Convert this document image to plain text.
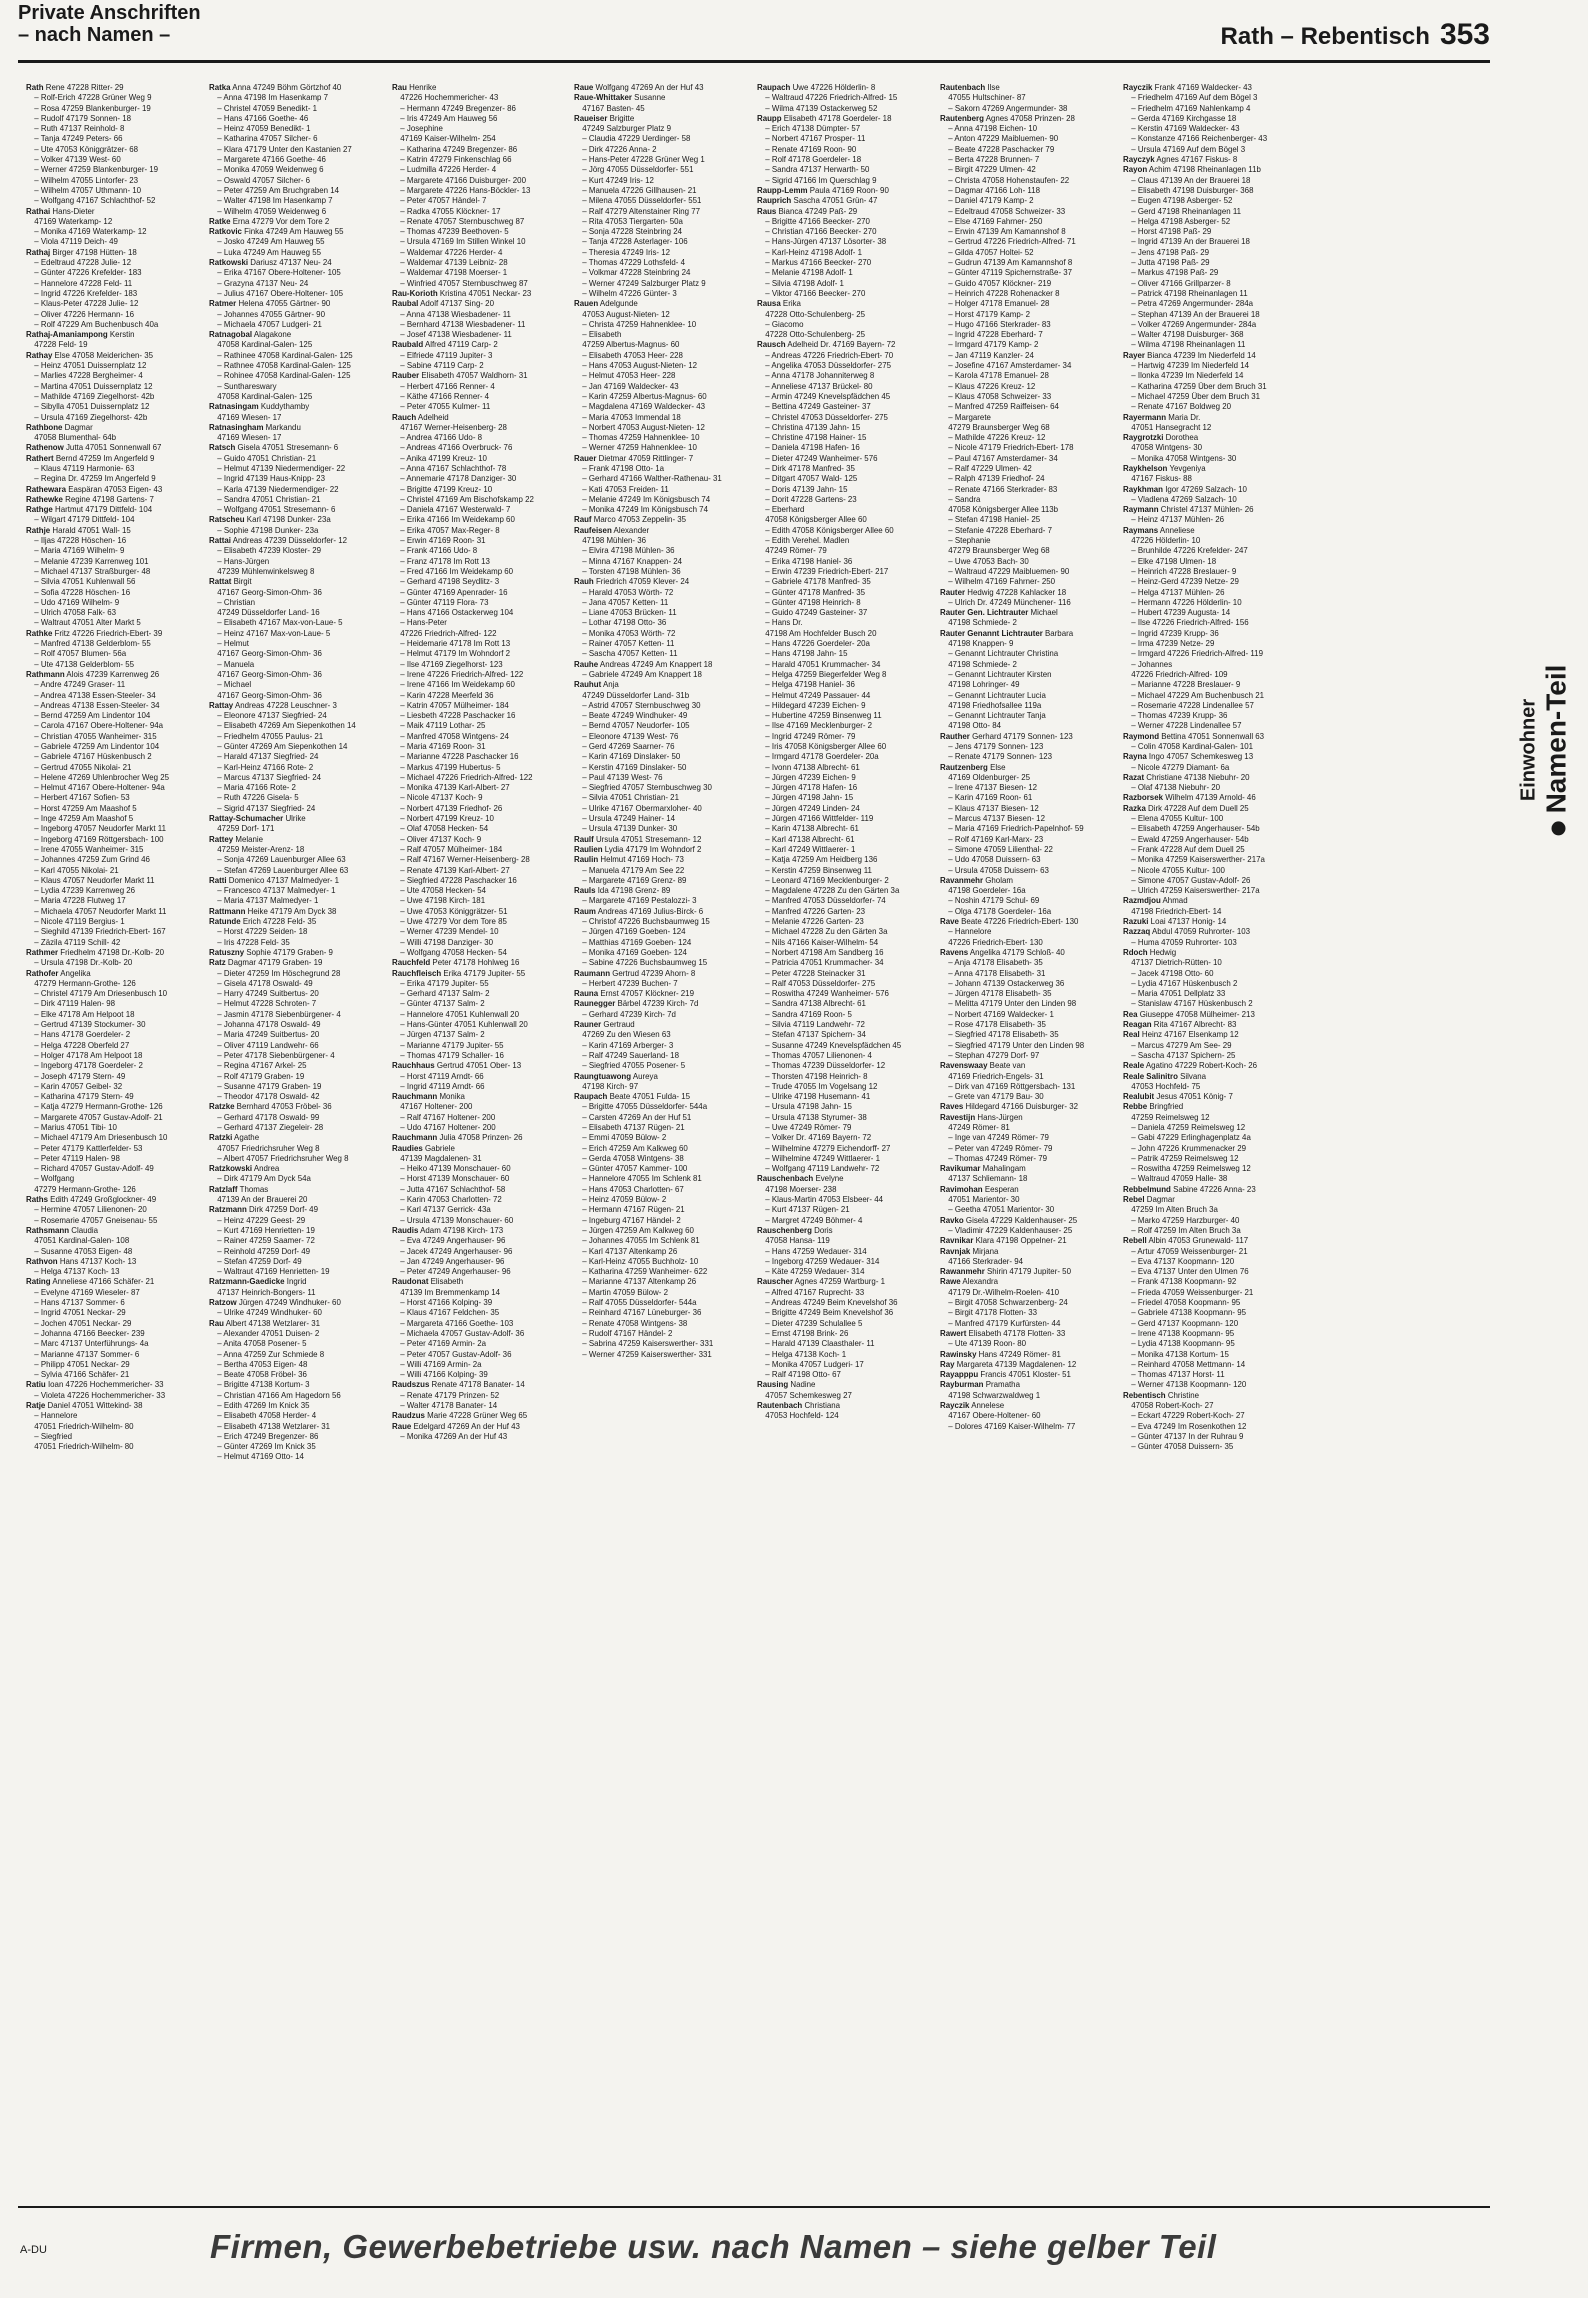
Private Anschriften
– nach Namen –	Rath – Rebentisch 353
Rath Rene 47228 Ritter- 29
– Rolf-Erich 47228 Grüner Weg 9
– Rosa 47259 Blankenburger- 19
– Rudolf 47179 Sonnen- 18
– Ruth 47137 Reinhold- 8
– Tanja 47249 Peters- 66
– Ute 47053 Königgrätzer- 68
– Volker 47139 West- 60
– Werner 47259 Blankenburger- 19
– Wilhelm 47055 Lintorfer- 23
– Wilhelm 47057 Uthmann- 10
– Wolfgang 47167 Schlachthof- 52
Rathai Hans-Dieter
47169 Waterkamp- 12
– Monika 47169 Waterkamp- 12
– Viola 47119 Deich- 49
Rathaj Birger 47198 Hütten- 18
– Edeltraud 47228 Julie- 12
– Günter 47226 Krefelder- 183
– Hannelore 47228 Feld- 11
– Ingrid 47226 Krefelder- 183
– Klaus-Peter 47228 Julie- 12
– Oliver 47226 Hermann- 16
– Rolf 47229 Am Buchenbusch 40a
Rathaj-Amaniampong Kerstin
47228 Feld- 19
Rathay Else 47058 Meiderichen- 35
– Heinz 47051 Duissernplatz 12
– Marlies 47228 Bergheimer- 4
– Martina 47051 Duissernplatz 12
– Mathilde 47169 Ziegelhorst- 42b
– Sibylla 47051 Duissernplatz 12
– Ursula 47169 Ziegelhorst- 42b
Rathbone Dagmar
47058 Blumenthal- 64b
Rathenow Jutta 47051 Sonnenwall 67
Rathert Bernd 47259 Im Angerfeld 9
– Klaus 47119 Harmonie- 63
– Regina Dr. 47259 Im Angerfeld 9
Rathewara Easpäran 47053 Eigen- 43
Rathewke Regine 47198 Gartens- 7
Rathge Hartmut 47179 Dittfeld- 104
– Wilgart 47179 Dittfeld- 104
Rathje Harald 47051 Wall- 15
– Iljas 47228 Höschen- 16
– Maria 47169 Wilhelm- 9
– Melanie 47239 Karrenweg 101
– Michael 47137 Straßburger- 48
– Silvia 47051 Kuhlenwall 56
– Sofia 47228 Höschen- 16
– Udo 47169 Wilhelm- 9
– Ulrich 47058 Falk- 63
– Waltraut 47051 Alter Markt 5
Rathke Fritz 47226 Friedrich-Ebert- 39
– Manfred 47138 Gelderblom- 55
– Rolf 47057 Blumen- 56a
– Ute 47138 Gelderblom- 55
Rathmann Alois 47239 Karrenweg 26
– Andre 47249 Graser- 11
– Andrea 47138 Essen-Steeler- 34
– Andreas 47138 Essen-Steeler- 34
– Bernd 47259 Am Lindentor 104
– Carola 47167 Obere-Holtener- 94a
– Christian 47055 Wanheimer- 315
– Gabriele 47259 Am Lindentor 104
– Gabriele 47167 Hüskenbusch 2
– Gertrud 47055 Nikolai- 21
– Helene 47269 Uhlenbrocher Weg 25
– Helmut 47167 Obere-Holtener- 94a
– Herbert 47167 Sofien- 53
– Horst 47259 Am Maashof 5
– Inge 47259 Am Maashof 5
– Ingeborg 47057 Neudorfer Markt 11
– Ingeborg 47169 Röttgersbach- 100
– Irene 47055 Wanheimer- 315
– Johannes 47259 Zum Grind 46
– Karl 47055 Nikolai- 21
– Klaus 47057 Neudorfer Markt 11
– Lydia 47239 Karrenweg 26
– Maria 47228 Flutweg 17
– Michaela 47057 Neudorfer Markt 11
– Nicole 47119 Bergius- 1
– Sieghild 47139 Friedrich-Ebert- 167
– Zäzila 47119 Schill- 42
Rathmer Friedhelm 47198 Dr.-Kolb- 20
– Ursula 47198 Dr.-Kolb- 20
Rathofer Angelika
47279 Hermann-Grothe- 126
– Christel 47179 Am Driesenbusch 10
– Dirk 47119 Halen- 98
– Elke 47178 Am Helpoot 18
– Gertrud 47139 Stockumer- 30
– Hans 47178 Goerdeler- 2
– Helga 47228 Oberfeld 27
– Holger 47178 Am Helpoot 18
– Ingeborg 47178 Goerdeler- 2
– Joseph 47179 Stern- 49
– Karin 47057 Geibel- 32
– Katharina 47179 Stern- 49
– Katja 47279 Hermann-Grothe- 126
– Margarete 47057 Gustav-Adolf- 21
– Marius 47051 Tibi- 10
– Michael 47179 Am Driesenbusch 10
– Peter 47179 Kattlerfelder- 53
– Peter 47119 Halen- 98
– Richard 47057 Gustav-Adolf- 49
– Wolfgang
47279 Hermann-Grothe- 126
Raths Edith 47249 Großglockner- 49
– Hermine 47057 Lilienonen- 20
– Rosemarie 47057 Gneisenau- 55
Rathsmann Claudia
47051 Kardinal-Galen- 108
– Susanne 47053 Eigen- 48
Rathvon Hans 47137 Koch- 13
– Helga 47137 Koch- 13
Rating Anneliese 47166 Schäfer- 21
– Evelyne 47169 Wieseler- 87
– Hans 47137 Sommer- 6
– Ingrid 47051 Neckar- 29
– Jochen 47051 Neckar- 29
– Johanna 47166 Beecker- 239
– Marc 47137 Unterführungs- 4a
– Marianne 47137 Sommer- 6
– Philipp 47051 Neckar- 29
– Sylvia 47166 Schäfer- 21
Ratiu Ioan 47226 Hochemmericher- 33
– Violeta 47226 Hochemmericher- 33
Ratje Daniel 47051 Wittekind- 38
– Hannelore
47051 Friedrich-Wilhelm- 80
– Siegfried
47051 Friedrich-Wilhelm- 80
Ratka Anna 47249 Böhm Görtzhof 40
– Anna 47198 Im Hasenkamp 7
– Christel 47059 Benedikt- 1
– Hans 47166 Goethe- 46
– Heinz 47059 Benedikt- 1
– Katharina 47057 Silcher- 6
– Klara 47179 Unter den Kastanien 27
– Margarete 47166 Goethe- 46
– Monika 47059 Weidenweg 6
– Oswald 47057 Silcher- 6
– Peter 47259 Am Bruchgraben 14
– Walter 47198 Im Hasenkamp 7
– Wilhelm 47059 Weidenweg 6
Ratke Erna 47279 Vor dem Tore 2
Ratkovic Finka 47249 Am Hauweg 55
– Josko 47249 Am Hauweg 55
– Luka 47249 Am Hauweg 55
Ratkowski Dariusz 47137 Neu- 24
– Erika 47167 Obere-Holtener- 105
– Grazyna 47137 Neu- 24
– Julius 47167 Obere-Holtener- 105
Ratmer Helena 47055 Gärtner- 90
– Johannes 47055 Gärtner- 90
– Michaela 47057 Ludgeri- 21
Ratnagobal Alagakone
47058 Kardinal-Galen- 125
– Rathinee 47058 Kardinal-Galen- 125
– Rathnee 47058 Kardinal-Galen- 125
– Rohinee 47058 Kardinal-Galen- 125
– Sunthareswary
47058 Kardinal-Galen- 125
Ratnasingam Kuddythamby
47169 Wiesen- 17
Ratnasingham Markandu
47169 Wiesen- 17
Ratsch Gisela 47051 Stresemann- 6
– Guido 47051 Christian- 21
– Helmut 47139 Niedermendiger- 22
– Ingrid 47139 Haus-Knipp- 23
– Karla 47139 Niedermendiger- 22
– Sandra 47051 Christian- 21
– Wolfgang 47051 Stresemann- 6
Ratscheu Karl 47198 Dunker- 23a
– Sophie 47198 Dunker- 23a
Rattai Andreas 47239 Düsseldorfer- 12
– Elisabeth 47239 Kloster- 29
– Hans-Jürgen
47239 Mühlenwinkelsweg 8
Rattat Birgit
47167 Georg-Simon-Ohm- 36
– Christian
47249 Düsseldorfer Land- 16
– Elisabeth 47167 Max-von-Laue- 5
– Heinz 47167 Max-von-Laue- 5
– Helmut
47167 Georg-Simon-Ohm- 36
– Manuela
47167 Georg-Simon-Ohm- 36
– Michael
47167 Georg-Simon-Ohm- 36
Rattay Andreas 47228 Leuschner- 3
– Eleonore 47137 Siegfried- 24
– Elisabeth 47269 Am Siepenkothen 14
– Friedhelm 47055 Paulus- 21
– Günter 47269 Am Siepenkothen 14
– Harald 47137 Siegfried- 24
– Karl-Heinz 47166 Rote- 2
– Marcus 47137 Siegfried- 24
– Maria 47166 Rote- 2
– Ruth 47226 Gisela- 5
– Sigrid 47137 Siegfried- 24
Rattay-Schumacher Ulrike
47259 Dorf- 171
Rattey Melanie
47259 Meister-Arenz- 18
– Sonja 47269 Lauenburger Allee 63
– Stefan 47269 Lauenburger Allee 63
Ratti Domenico 47137 Malmedyer- 1
– Francesco 47137 Malmedyer- 1
– Maria 47137 Malmedyer- 1
Rattmann Heike 47179 Am Dyck 38
Ratunde Erich 47228 Feld- 35
– Horst 47229 Seiden- 18
– Iris 47228 Feld- 35
Ratuszny Sophie 47179 Graben- 9
Ratz Dagmar 47179 Graben- 19
– Dieter 47259 Im Höschegrund 28
– Gisela 47178 Oswald- 49
– Harry 47249 Suitbertus- 20
– Helmut 47228 Schroten- 7
– Jasmin 47178 Siebenbürgener- 4
– Johanna 47178 Oswald- 49
– Maria 47249 Suitbertus- 20
– Oliver 47119 Landwehr- 66
– Peter 47178 Siebenbürgener- 4
– Regina 47167 Arkel- 25
– Rolf 47179 Graben- 19
– Susanne 47179 Graben- 19
– Theodor 47178 Oswald- 42
Ratzke Bernhard 47053 Fröbel- 36
– Gerhard 47178 Oswald- 99
– Gerhard 47137 Ziegeleir- 28
Ratzki Agathe
47057 Friedrichsruher Weg 8
– Albert 47057 Friedrichsruher Weg 8
Ratzkowski Andrea
– Dirk 47179 Am Dyck 54a
Ratzlaff Thomas
47139 An der Brauerei 20
Ratzmann Dirk 47259 Dorf- 49
– Heinz 47229 Geest- 29
– Kurt 47169 Henrietten- 19
– Rainer 47259 Saamer- 72
– Reinhold 47259 Dorf- 49
– Stefan 47259 Dorf- 49
– Waltraut 47169 Henrietten- 19
Ratzmann-Gaedicke Ingrid
47137 Heinrich-Bongers- 11
Ratzow Jürgen 47249 Windhuker- 60
– Ulrike 47249 Windhuker- 60
Rau Albert 47138 Wetzlarer- 31
– Alexander 47051 Duisen- 2
– Anita 47058 Posener- 5
– Anna 47259 Zur Schmiede 8
– Bertha 47053 Eigen- 48
– Beate 47058 Fröbel- 36
– Brigitte 47138 Kortum- 3
– Christian 47166 Am Hagedorn 56
– Edith 47269 Im Knick 35
– Elisabeth 47058 Herder- 4
– Elisabeth 47138 Wetzlarer- 31
– Erich 47249 Bregenzer- 86
– Günter 47269 Im Knick 35
– Helmut 47169 Otto- 14
Rau Henrike
47226 Hochemmericher- 43
– Hermann 47249 Bregenzer- 86
– Iris 47249 Am Hauweg 56
– Josephine
47169 Kaiser-Wilhelm- 254
– Katharina 47249 Bregenzer- 86
– Katrin 47279 Finkenschlag 66
– Ludmilla 47226 Herder- 4
– Margarete 47166 Duisburger- 200
– Margarete 47226 Hans-Böckler- 13
– Peter 47057 Händel- 7
– Radka 47055 Klöckner- 17
– Renate 47057 Sternbuschweg 87
– Thomas 47239 Beethoven- 5
– Ursula 47169 Im Stillen Winkel 10
– Waldemar 47226 Herder- 4
– Waldemar 47139 Leibniz- 28
– Waldemar 47198 Moerser- 1
– Winfried 47057 Sternbuschweg 87
Rau-Korioth Kristina 47051 Neckar- 23
Raubal Adolf 47137 Sing- 20
– Anna 47138 Wiesbadener- 11
– Bernhard 47138 Wiesbadener- 11
– Josef 47138 Wiesbadener- 11
Raubald Alfred 47119 Carp- 2
– Elfriede 47119 Jupiter- 3
– Sabine 47119 Carp- 2
Rauber Elisabeth 47057 Waldhorn- 31
– Herbert 47166 Renner- 4
– Käthe 47166 Renner- 4
– Peter 47055 Kulmer- 11
Rauch Adelheid
47167 Werner-Heisenberg- 28
– Andrea 47166 Udo- 8
– Andreas 47166 Overbruck- 76
– Anika 47199 Kreuz- 10
– Anna 47167 Schlachthof- 78
– Annemarie 47178 Danziger- 30
– Brigitte 47199 Kreuz- 10
– Christel 47169 Am Bischofskamp 22
– Daniela 47167 Westerwald- 7
– Erika 47166 Im Weidekamp 60
– Erika 47057 Max-Reger- 8
– Erwin 47169 Roon- 31
– Frank 47166 Udo- 8
– Franz 47178 Im Rott 13
– Fred 47166 Im Weidekamp 60
– Gerhard 47198 Seydlitz- 3
– Günter 47169 Apenrader- 16
– Günter 47119 Flora- 73
– Hans 47166 Ostackerweg 104
– Hans-Peter
47226 Friedrich-Alfred- 122
– Heidemarie 47178 Im Rott 13
– Helmut 47179 Im Wohndorf 2
– Ilse 47169 Ziegelhorst- 123
– Irene 47226 Friedrich-Alfred- 122
– Irene 47166 Im Weidekamp 60
– Karin 47228 Meerfeld 36
– Katrin 47057 Mülheimer- 184
– Liesbeth 47228 Paschacker 16
– Maik 47119 Lothar- 25
– Manfred 47058 Wintgens- 24
– Maria 47169 Roon- 31
– Marianne 47228 Paschacker 16
– Markus 47199 Hubertus- 5
– Michael 47226 Friedrich-Alfred- 122
– Monika 47139 Karl-Albert- 27
– Nicole 47137 Koch- 9
– Norbert 47139 Friedhof- 26
– Norbert 47199 Kreuz- 10
– Olaf 47058 Hecken- 54
– Oliver 47137 Koch- 9
– Ralf 47057 Mülheimer- 184
– Ralf 47167 Werner-Heisenberg- 28
– Renate 47139 Karl-Albert- 27
– Siegfried 47228 Paschacker 16
– Ute 47058 Hecken- 54
– Uwe 47198 Kirch- 181
– Uwe 47053 Königgrätzer- 51
– Uwe 47279 Vor dem Tore 85
– Werner 47239 Mendel- 10
– Willi 47198 Danziger- 30
– Wolfgang 47058 Hecken- 54
Rauchfeld Peter 47178 Hohlweg 16
Rauchfleisch Erika 47179 Jupiter- 55
– Erika 47179 Jupiter- 55
– Gerhard 47137 Salm- 2
– Günter 47137 Salm- 2
– Hannelore 47051 Kuhlenwall 20
– Hans-Günter 47051 Kuhlenwall 20
– Jürgen 47137 Salm- 2
– Marianne 47179 Jupiter- 55
– Thomas 47179 Schaller- 16
Rauchhaus Gertrud 47051 Ober- 13
– Horst 47119 Arndt- 66
– Ingrid 47119 Arndt- 66
Rauchmann Monika
47167 Holtener- 200
– Ralf 47167 Holtener- 200
– Udo 47167 Holtener- 200
Rauchmann Julia 47058 Prinzen- 26
Raudies Gabriele
47139 Magdalenen- 31
– Heiko 47139 Monschauer- 60
– Horst 47139 Monschauer- 60
– Jutta 47167 Schlachthof- 58
– Karin 47053 Charlotten- 72
– Karl 47137 Gerrick- 43a
– Ursula 47139 Monschauer- 60
Raudis Adam 47198 Kirch- 173
– Eva 47249 Angerhauser- 96
– Jacek 47249 Angerhauser- 96
– Jan 47249 Angerhauser- 96
– Peter 47249 Angerhauser- 96
Raudonat Elisabeth
47139 Im Bremmenkamp 14
– Horst 47166 Kolping- 39
– Klaus 47167 Feldchen- 35
– Margareta 47166 Goethe- 103
– Michaela 47057 Gustav-Adolf- 36
– Peter 47169 Armin- 2a
– Peter 47057 Gustav-Adolf- 36
– Willi 47169 Armin- 2a
– Willi 47166 Kolping- 39
Raudszus Renate 47178 Banater- 14
– Renate 47179 Prinzen- 52
– Walter 47178 Banater- 14
Raudzus Marie 47228 Grüner Weg 65
Raue Edelgard 47269 An der Huf 43
– Monika 47269 An der Huf 43
Raue Wolfgang 47269 An der Huf 43
Raue-Whittaker Susanne
47167 Basten- 45
Raueiser Brigitte
47249 Salzburger Platz 9
– Claudia 47229 Uerdinger- 58
– Dirk 47226 Anna- 2
– Hans-Peter 47228 Grüner Weg 1
– Jörg 47055 Düsseldorfer- 551
– Kurt 47249 Iris- 12
– Manuela 47226 Gillhausen- 21
– Milena 47055 Düsseldorfer- 551
– Ralf 47279 Altenstainer Ring 77
– Rita 47053 Tiergarten- 50a
– Sonja 47228 Steinbring 24
– Tanja 47228 Asterlager- 106
– Theresia 47249 Iris- 12
– Thomas 47229 Lothsfeld- 4
– Volkmar 47228 Steinbring 24
– Werner 47249 Salzburger Platz 9
– Wilhelm 47226 Günter- 3
Rauen Adelgunde
47053 August-Nieten- 12
– Christa 47259 Hahnenklee- 10
– Elisabeth
47259 Albertus-Magnus- 60
– Elisabeth 47053 Heer- 228
– Hans 47053 August-Nieten- 12
– Helmut 47053 Heer- 228
– Jan 47169 Waldecker- 43
– Karin 47259 Albertus-Magnus- 60
– Magdalena 47169 Waldecker- 43
– Maria 47053 Immendal 18
– Norbert 47053 August-Nieten- 12
– Thomas 47259 Hahnenklee- 10
– Werner 47259 Hahnenklee- 10
Rauer Dietmar 47059 Rittlinger- 7
– Frank 47198 Otto- 1a
– Gerhard 47166 Walther-Rathenau- 31
– Kati 47053 Freiden- 11
– Melanie 47249 Im Königsbusch 74
– Monika 47249 Im Königsbusch 74
Rauf Marco 47053 Zeppelin- 35
Raufeisen Alexander
47198 Mühlen- 36
– Elvira 47198 Mühlen- 36
– Minna 47167 Knappen- 24
– Torsten 47198 Mühlen- 36
Rauh Friedrich 47059 Klever- 24
– Harald 47053 Wörth- 72
– Jana 47057 Ketten- 11
– Liane 47053 Brücken- 11
– Lothar 47198 Otto- 36
– Monika 47053 Wörth- 72
– Rainer 47057 Ketten- 11
– Sascha 47057 Ketten- 11
Rauhe Andreas 47249 Am Knappert 18
– Gabriele 47249 Am Knappert 18
Rauhut Anja
47249 Düsseldorfer Land- 31b
– Astrid 47057 Sternbuschweg 30
– Beate 47249 Windhuker- 49
– Bernd 47057 Neudorfer- 105
– Eleonore 47139 West- 76
– Gerd 47269 Saarner- 76
– Karin 47169 Dinslaker- 50
– Kerstin 47169 Dinslaker- 50
– Paul 47139 West- 76
– Siegfried 47057 Sternbuschweg 30
– Silvia 47051 Christian- 21
– Ulrike 47167 Obermarxloher- 40
– Ursula 47249 Hainer- 14
– Ursula 47139 Dunker- 30
Raulf Ursula 47051 Stresemann- 12
Raulien Lydia 47179 Im Wohndorf 2
Raulin Helmut 47169 Hoch- 73
– Manuela 47179 Am See 22
– Margarete 47169 Grenz- 89
Rauls Ida 47198 Grenz- 89
– Margarete 47169 Pestalozzi- 3
Raum Andreas 47169 Julius-Birck- 6
– Christof 47226 Buchsbaumweg 15
– Jürgen 47169 Goeben- 124
– Matthias 47169 Goeben- 124
– Monika 47169 Goeben- 124
– Sabine 47226 Buchsbaumweg 15
Raumann Gertrud 47239 Ahorn- 8
– Herbert 47239 Buchen- 7
Rauna Ernst 47057 Klöckner- 219
Raunegger Bärbel 47239 Kirch- 7d
– Gerhard 47239 Kirch- 7d
Rauner Gertraud
47269 Zu den Wiesen 63
– Karin 47169 Arberger- 3
– Ralf 47249 Sauerland- 18
– Siegfried 47055 Posener- 5
Raungtuawong Aureya
47198 Kirch- 97
Raupach Beate 47051 Fulda- 15
– Brigitte 47055 Düsseldorfer- 544a
– Carsten 47269 An der Huf 51
– Elisabeth 47137 Rügen- 21
– Emmi 47059 Bülow- 2
– Erich 47259 Am Kalkweg 60
– Gerda 47058 Wintgens- 38
– Günter 47057 Kammer- 100
– Hannelore 47055 Im Schlenk 81
– Hans 47053 Charlotten- 67
– Heinz 47059 Bülow- 2
– Hermann 47167 Rügen- 21
– Ingeburg 47167 Händel- 2
– Jürgen 47259 Am Kalkweg 60
– Johannes 47055 Im Schlenk 81
– Karl 47137 Altenkamp 26
– Karl-Heinz 47055 Buchholz- 10
– Katharina 47259 Wanheimer- 622
– Marianne 47137 Altenkamp 26
– Martin 47059 Bülow- 2
– Ralf 47055 Düsseldorfer- 544a
– Reinhard 47167 Lüneburger- 36
– Renate 47058 Wintgens- 38
– Rudolf 47167 Händel- 2
– Sabrina 47259 Kaiserswerther- 331
– Werner 47259 Kaiserswerther- 331
Raupach Uwe 47226 Hölderlin- 8
– Waltraud 47226 Friedrich-Alfred- 15
– Wilma 47139 Ostackerweg 52
Raupp Elisabeth 47178 Goerdeler- 18
– Erich 47138 Dümpter- 57
– Norbert 47167 Prosper- 11
– Renate 47169 Roon- 90
– Rolf 47178 Goerdeler- 18
– Sandra 47137 Herwarth- 50
– Sigrid 47166 Im Querschlag 9
Raupp-Lemm Paula 47169 Roon- 90
Rauprich Sascha 47051 Grün- 47
Raus Bianca 47249 Paß- 29
– Brigitte 47166 Beecker- 270
– Christian 47166 Beecker- 270
– Hans-Jürgen 47137 Lösorter- 38
– Karl-Heinz 47198 Adolf- 1
– Markus 47166 Beecker- 270
– Melanie 47198 Adolf- 1
– Silvia 47198 Adolf- 1
– Viktor 47166 Beecker- 270
Rausa Erika
47228 Otto-Schulenberg- 25
– Giacomo
47228 Otto-Schulenberg- 25
Rausch Adelheid Dr. 47169 Bayern- 72
– Andreas 47226 Friedrich-Ebert- 70
– Angelika 47053 Düsseldorfer- 275
– Anna 47178 Johanniterweg 8
– Anneliese 47137 Brückel- 80
– Armin 47249 Knevelspfädchen 45
– Bettina 47249 Gasteiner- 37
– Christel 47053 Düsseldorfer- 275
– Christina 47139 Jahn- 15
– Christine 47198 Hainer- 15
– Daniela 47198 Hafen- 16
– Dieter 47249 Wanheimer- 576
– Dirk 47178 Manfred- 35
– Ditgart 47057 Wald- 125
– Doris 47139 Jahn- 15
– Dorit 47228 Gartens- 23
– Eberhard
47058 Königsberger Allee 60
– Edith 47058 Königsberger Allee 60
– Edith Verehel. Madlen
47249 Römer- 79
– Erika 47198 Haniel- 36
– Erwin 47239 Friedrich-Ebert- 217
– Gabriele 47178 Manfred- 35
– Günter 47178 Manfred- 35
– Günter 47198 Heinrich- 8
– Guido 47249 Gasteiner- 37
– Hans Dr.
47198 Am Hochfelder Busch 20
– Hans 47226 Goerdeler- 20a
– Hans 47198 Jahn- 15
– Harald 47051 Krummacher- 34
– Helga 47259 Biegerfelder Weg 8
– Helga 47198 Haniel- 36
– Helmut 47249 Passauer- 44
– Hildegard 47239 Eichen- 9
– Hubertine 47259 Binsenweg 11
– Ilse 47169 Mecklenburger- 2
– Ingrid 47249 Römer- 79
– Iris 47058 Königsberger Allee 60
– Irmgard 47178 Goerdeler- 20a
– Ivonn 47138 Albrecht- 61
– Jürgen 47239 Eichen- 9
– Jürgen 47178 Hafen- 16
– Jürgen 47198 Jahn- 15
– Jürgen 47249 Linden- 24
– Jürgen 47166 Wittfelder- 119
– Karin 47138 Albrecht- 61
– Karl 47138 Albrecht- 61
– Karl 47249 Wittlaerer- 1
– Katja 47259 Am Heidberg 136
– Kerstin 47259 Binsenweg 11
– Leonard 47169 Mecklenburger- 2
– Magdalene 47228 Zu den Gärten 3a
– Manfred 47053 Düsseldorfer- 74
– Manfred 47226 Garten- 23
– Melanie 47226 Garten- 23
– Michael 47228 Zu den Gärten 3a
– Nils 47166 Kaiser-Wilhelm- 54
– Norbert 47198 Am Sandberg 16
– Patricia 47051 Krummacher- 34
– Peter 47228 Steinacker 31
– Ralf 47053 Düsseldorfer- 275
– Roswitha 47249 Wanheimer- 576
– Sandra 47138 Albrecht- 61
– Sandra 47169 Roon- 5
– Silvia 47119 Landwehr- 72
– Stefan 47137 Spichern- 34
– Susanne 47249 Knevelspfädchen 45
– Thomas 47057 Lilienonen- 4
– Thomas 47239 Düsseldorfer- 12
– Thorsten 47198 Heinrich- 8
– Trude 47055 Im Vogelsang 12
– Ulrike 47198 Husemann- 41
– Ursula 47198 Jahn- 15
– Ursula 47138 Styrumer- 38
– Uwe 47249 Römer- 79
– Volker Dr. 47169 Bayern- 72
– Wilhelmine 47279 Eichendorff- 27
– Wilhelmine 47249 Wittlaerer- 1
– Wolfgang 47119 Landwehr- 72
Rauschenbach Evelyne
47198 Moerser- 238
– Klaus-Martin 47053 Elsbeer- 44
– Kurt 47137 Rügen- 21
– Margret 47249 Böhmer- 4
Rauschenberg Doris
47058 Hansa- 119
– Hans 47259 Wedauer- 314
– Ingeborg 47259 Wedauer- 314
– Käte 47259 Wedauer- 314
Rauscher Agnes 47259 Wartburg- 1
– Alfred 47167 Ruprecht- 33
– Andreas 47249 Beim Knevelshof 36
– Brigitte 47249 Beim Knevelshof 36
– Dieter 47239 Schulallee 5
– Ernst 47198 Brink- 26
– Harald 47139 Claasthaler- 11
– Helga 47138 Koch- 1
– Monika 47057 Ludgeri- 17
– Ralf 47198 Otto- 67
Rausing Nadine
47057 Schemkesweg 27
Rautenbach Christiana
47053 Hochfeld- 124
Rautenbach Ilse
47055 Hultschiner- 87
– Sakorn 47269 Angermunder- 38
Rautenberg Agnes 47058 Prinzen- 28
– Anna 47198 Eichen- 10
– Anton 47229 Maibluemen- 90
– Beate 47228 Paschacker 79
– Berta 47228 Brunnen- 7
– Birgit 47229 Ulmen- 42
– Christa 47058 Hohenstaufen- 22
– Dagmar 47166 Loh- 118
– Daniel 47179 Kamp- 2
– Edeltraud 47058 Schweizer- 33
– Else 47169 Fahrner- 250
– Erwin 47139 Am Kamannshof 8
– Gertrud 47226 Friedrich-Alfred- 71
– Gilda 47057 Holtei- 52
– Gudrun 47139 Am Kamannshof 8
– Günter 47119 Spichernstraße- 37
– Guido 47057 Klöckner- 219
– Heinrich 47228 Rohenacker 8
– Holger 47178 Emanuel- 28
– Horst 47179 Kamp- 2
– Hugo 47166 Sterkrader- 83
– Ingrid 47228 Eberhard- 7
– Irmgard 47179 Kamp- 2
– Jan 47119 Kanzler- 24
– Josefine 47167 Amsterdamer- 34
– Karola 47178 Emanuel- 28
– Klaus 47226 Kreuz- 12
– Klaus 47058 Schweizer- 33
– Manfred 47259 Raiffeisen- 64
– Margarete
47279 Braunsberger Weg 68
– Mathilde 47226 Kreuz- 12
– Nicole 47179 Friedrich-Ebert- 178
– Paul 47167 Amsterdamer- 34
– Ralf 47229 Ulmen- 42
– Ralph 47139 Friedhof- 24
– Renate 47166 Sterkrader- 83
– Sandra
47058 Königsberger Allee 113b
– Stefan 47198 Haniel- 25
– Stefanie 47228 Eberhard- 7
– Stephanie
47279 Braunsberger Weg 68
– Uwe 47053 Bach- 30
– Waltraud 47229 Maibluemen- 90
– Wilhelm 47169 Fahrner- 250
Rauter Hedwig 47228 Kahlacker 18
– Ulrich Dr. 47249 Münchener- 116
Rauter Gen. Lichtrauter Michael
47198 Schmiede- 2
Rauter Genannt Lichtrauter Barbara
47198 Knappen- 9
– Genannt Lichtrauter Christina
47198 Schmiede- 2
– Genannt Lichtrauter Kirsten
47198 Lohringer- 49
– Genannt Lichtrauter Lucia
47198 Friedhofsallee 119a
– Genannt Lichtrauter Tanja
47198 Otto- 84
Rauther Gerhard 47179 Sonnen- 123
– Jens 47179 Sonnen- 123
– Renate 47179 Sonnen- 123
Rautzenberg Else
47169 Oldenburger- 25
– Irene 47137 Biesen- 12
– Karin 47169 Roon- 61
– Klaus 47137 Biesen- 12
– Marcus 47137 Biesen- 12
– Maria 47169 Friedrich-Papelnhof- 59
– Rolf 47169 Karl-Marx- 23
– Simone 47059 Lilienthal- 22
– Udo 47058 Duissern- 63
– Ursula 47058 Duissern- 63
Ravanmehr Gholam
47198 Goerdeler- 16a
– Noshin 47179 Schul- 69
– Olga 47178 Goerdeler- 16a
Rave Beate 47226 Friedrich-Ebert- 130
– Hannelore
47226 Friedrich-Ebert- 130
Ravens Angelika 47179 Schloß- 40
– Anja 47178 Elisabeth- 35
– Anna 47178 Elisabeth- 31
– Johann 47139 Ostackerweg 36
– Jürgen 47178 Elisabeth- 35
– Melitta 47179 Unter den Linden 98
– Norbert 47169 Waldecker- 1
– Rose 47178 Elisabeth- 35
– Siegfried 47178 Elisabeth- 35
– Siegfried 47179 Unter den Linden 98
– Stephan 47279 Dorf- 97
Ravenswaay Beate van
47169 Friedrich-Engels- 31
– Dirk van 47169 Röttgersbach- 131
– Grete van 47179 Bau- 30
Raves Hildegard 47166 Duisburger- 32
Ravestijn Hans-Jürgen
47249 Römer- 81
– Inge van 47249 Römer- 79
– Peter van 47249 Römer- 79
– Thomas 47249 Römer- 79
Ravikumar Mahalingam
47137 Schliemann- 18
Ravimohan Eesperan
47051 Marientor- 30
– Geetha 47051 Marientor- 30
Ravko Gisela 47229 Kaldenhauser- 25
– Vladimir 47229 Kaldenhauser- 25
Ravnikar Klara 47198 Oppelner- 21
Ravnjak Mirjana
47166 Sterkrader- 94
Rawanmehr Shirin 47179 Jupiter- 50
Rawe Alexandra
47179 Dr.-Wilhelm-Roelen- 410
– Birgit 47058 Schwarzenberg- 24
– Birgit 47178 Flotten- 33
– Manfred 47179 Kurfürsten- 44
Rawert Elisabeth 47178 Flotten- 33
– Ute 47139 Roon- 80
Rawinsky Hans 47249 Römer- 81
Ray Margareta 47139 Magdalenen- 12
Rayapppu Francis 47051 Kloster- 51
Rayburman Pramatha
47198 Schwarzwaldweg 1
Rayczik Annelese
47167 Obere-Holtener- 60
– Dolores 47169 Kaiser-Wilhelm- 77
Rayczik Frank 47169 Waldecker- 43
– Friedhelm 47169 Auf dem Bögel 3
– Friedhelm 47169 Nahlenkamp 4
– Gerda 47169 Kirchgasse 18
– Kerstin 47169 Waldecker- 43
– Konstanze 47166 Reichenberger- 43
– Ursula 47169 Auf dem Bögel 3
Rayczyk Agnes 47167 Fiskus- 8
Rayon Achim 47198 Rheinanlagen 11b
– Claus 47139 An der Brauerei 18
– Elisabeth 47198 Duisburger- 368
– Eugen 47198 Asberger- 52
– Gerd 47198 Rheinanlagen 11
– Helga 47198 Asberger- 52
– Horst 47198 Paß- 29
– Ingrid 47139 An der Brauerei 18
– Jens 47198 Paß- 29
– Jutta 47198 Paß- 29
– Markus 47198 Paß- 29
– Oliver 47166 Grillparzer- 8
– Patrick 47198 Rheinanlagen 11
– Petra 47269 Angermunder- 284a
– Stephan 47139 An der Brauerei 18
– Volker 47269 Angermunder- 284a
– Walter 47198 Duisburger- 368
– Wilma 47198 Rheinanlagen 11
Rayer Bianca 47239 Im Niederfeld 14
– Hartwig 47239 Im Niederfeld 14
– Ilonka 47239 Im Niederfeld 14
– Katharina 47259 Über dem Bruch 31
– Michael 47259 Über dem Bruch 31
– Renate 47167 Boldweg 20
Rayermann Maria Dr.
47051 Hansegracht 12
Raygrotzki Dorothea
47058 Wintgens- 30
– Monika 47058 Wintgens- 30
Raykhelson Yevgeniya
47167 Fiskus- 88
Raykhman Igor 47269 Salzach- 10
– Vladlena 47269 Salzach- 10
Raymann Christel 47137 Mühlen- 26
– Heinz 47137 Mühlen- 26
Raymans Anneliese
47226 Hölderlin- 10
– Brunhilde 47226 Krefelder- 247
– Elke 47198 Ulmen- 18
– Heinrich 47228 Breslauer- 9
– Heinz-Gerd 47239 Netze- 29
– Helga 47137 Mühlen- 26
– Hermann 47226 Hölderlin- 10
– Hubert 47239 Augusta- 14
– Ilse 47226 Friedrich-Alfred- 156
– Ingrid 47239 Krupp- 36
– Irma 47239 Netze- 29
– Irmgard 47226 Friedrich-Alfred- 119
– Johannes
47226 Friedrich-Alfred- 109
– Marianne 47228 Breslauer- 9
– Michael 47229 Am Buchenbusch 21
– Rosemarie 47228 Lindenallee 57
– Thomas 47239 Krupp- 36
– Werner 47228 Lindenallee 57
Raymond Bettina 47051 Sonnenwall 63
– Colin 47058 Kardinal-Galen- 101
Rayna Ingo 47057 Schemkesweg 13
– Nicole 47279 Diamant- 6a
Razat Christiane 47138 Niebuhr- 20
– Olaf 47138 Niebuhr- 20
Razborsek Wilhelm 47139 Arnold- 46
Razka Dirk 47228 Auf dem Duell 25
– Elena 47055 Kultur- 100
– Elisabeth 47259 Angerhauser- 54b
– Ewald 47259 Angerhauser- 54b
– Frank 47228 Auf dem Duell 25
– Monika 47259 Kaiserswerther- 217a
– Nicole 47055 Kultur- 100
– Simone 47057 Gustav-Adolf- 26
– Ulrich 47259 Kaiserswerther- 217a
Razmdjou Ahmad
47198 Friedrich-Ebert- 14
Razuki Loai 47137 Honig- 14
Razzaq Abdul 47059 Ruhrorter- 103
– Huma 47059 Ruhrorter- 103
Rdoch Hedwig
47137 Dietrich-Rütten- 10
– Jacek 47198 Otto- 60
– Lydia 47167 Hüskenbusch 2
– Maria 47051 Dellplatz 33
– Stanislaw 47167 Hüskenbusch 2
Rea Giuseppe 47058 Mülheimer- 213
Reagan Rita 47167 Albrecht- 83
Real Heinz 47167 Elsenkamp 12
– Marcus 47279 Am See- 29
– Sascha 47137 Spichern- 25
Reale Agatino 47229 Robert-Koch- 26
Reale Salinitro Silvana
47053 Hochfeld- 75
Realubit Jesus 47051 König- 7
Rebbe Bringfried
47259 Reimelsweg 12
– Daniela 47259 Reimelsweg 12
– Gabi 47229 Erlinghagenplatz 4a
– John 47226 Krummenacker 29
– Patrik 47259 Reimelsweg 12
– Roswitha 47259 Reimelsweg 12
– Waltraud 47059 Halle- 38
Rebbelmund Sabine 47226 Anna- 23
Rebel Dagmar
47259 Im Alten Bruch 3a
– Marko 47259 Harzburger- 40
– Rolf 47259 Im Alten Bruch 3a
Rebell Albin 47053 Grunewald- 117
– Artur 47059 Weissenburger- 21
– Eva 47137 Koopmann- 120
– Eva 47137 Unter den Ulmen 76
– Frank 47138 Koopmann- 92
– Frieda 47059 Weissenburger- 21
– Friedel 47058 Koopmann- 95
– Gabriele 47138 Koopmann- 95
– Gerd 47137 Koopmann- 120
– Irene 47138 Koopmann- 95
– Lydia 47138 Koopmann- 95
– Monika 47138 Kortum- 15
– Reinhard 47058 Mettmann- 14
– Thomas 47137 Horst- 11
– Werner 47138 Koopmann- 120
Rebentisch Christine
47058 Robert-Koch- 27
– Eckart 47229 Robert-Koch- 27
– Eva 47249 Im Rosenkothen 12
– Günter 47137 In der Ruhrau 9
– Günter 47058 Duissern- 35
Einwohner Namen-Teil
A-DU	Firmen, Gewerbebetriebe usw. nach Namen – siehe gelber Teil
